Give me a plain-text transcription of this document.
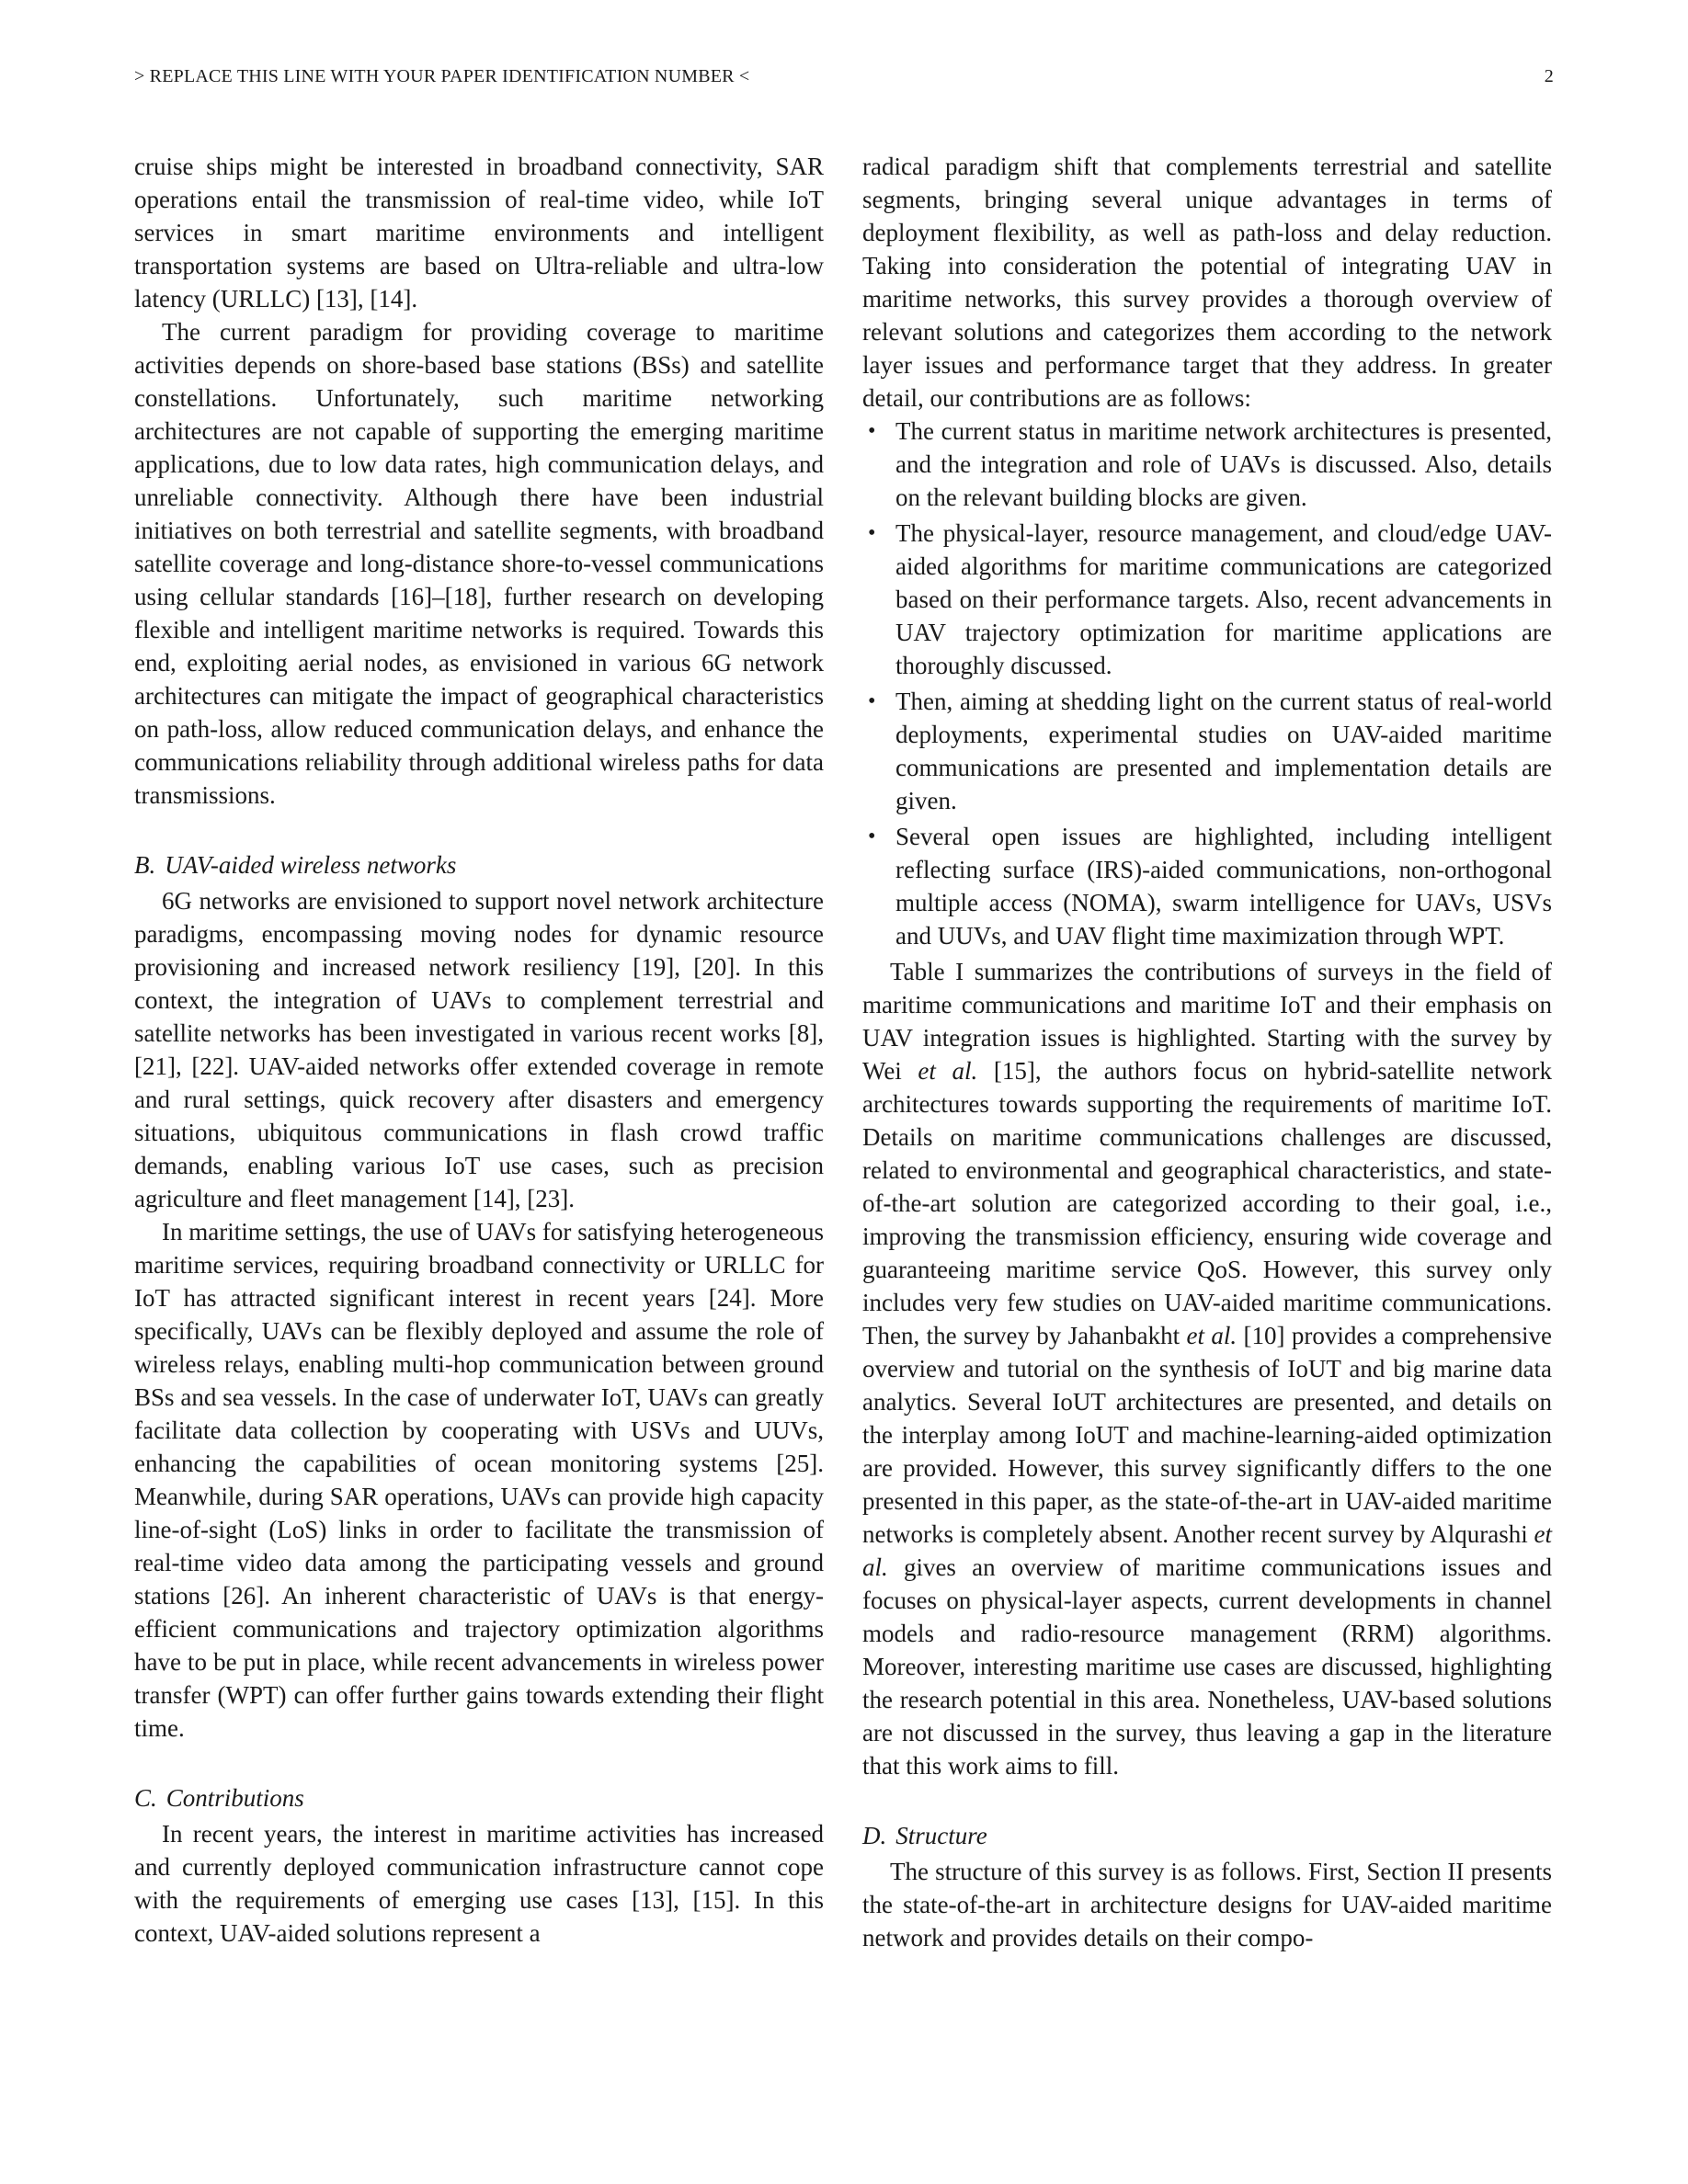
> REPLACE THIS LINE WITH YOUR PAPER IDENTIFICATION NUMBER <	2

cruise ships might be interested in broadband connectivity, SAR operations entail the transmission of real-time video, while IoT services in smart maritime environments and intelligent transportation systems are based on Ultra-reliable and ultra-low latency (URLLC) [13], [14].

The current paradigm for providing coverage to maritime activities depends on shore-based base stations (BSs) and satellite constellations. Unfortunately, such maritime networking architectures are not capable of supporting the emerging maritime applications, due to low data rates, high communication delays, and unreliable connectivity. Although there have been industrial initiatives on both terrestrial and satellite segments, with broadband satellite coverage and long-distance shore-to-vessel communications using cellular standards [16]–[18], further research on developing flexible and intelligent maritime networks is required. Towards this end, exploiting aerial nodes, as envisioned in various 6G network architectures can mitigate the impact of geographical characteristics on path-loss, allow reduced communication delays, and enhance the communications reliability through additional wireless paths for data transmissions.

B. UAV-aided wireless networks

6G networks are envisioned to support novel network architecture paradigms, encompassing moving nodes for dynamic resource provisioning and increased network resiliency [19], [20]. In this context, the integration of UAVs to complement terrestrial and satellite networks has been investigated in various recent works [8], [21], [22]. UAV-aided networks offer extended coverage in remote and rural settings, quick recovery after disasters and emergency situations, ubiquitous communications in flash crowd traffic demands, enabling various IoT use cases, such as precision agriculture and fleet management [14], [23].

In maritime settings, the use of UAVs for satisfying heterogeneous maritime services, requiring broadband connectivity or URLLC for IoT has attracted significant interest in recent years [24]. More specifically, UAVs can be flexibly deployed and assume the role of wireless relays, enabling multi-hop communication between ground BSs and sea vessels. In the case of underwater IoT, UAVs can greatly facilitate data collection by cooperating with USVs and UUVs, enhancing the capabilities of ocean monitoring systems [25]. Meanwhile, during SAR operations, UAVs can provide high capacity line-of-sight (LoS) links in order to facilitate the transmission of real-time video data among the participating vessels and ground stations [26]. An inherent characteristic of UAVs is that energy-efficient communications and trajectory optimization algorithms have to be put in place, while recent advancements in wireless power transfer (WPT) can offer further gains towards extending their flight time.

C. Contributions

In recent years, the interest in maritime activities has increased and currently deployed communication infrastructure cannot cope with the requirements of emerging use cases [13], [15]. In this context, UAV-aided solutions represent a

radical paradigm shift that complements terrestrial and satellite segments, bringing several unique advantages in terms of deployment flexibility, as well as path-loss and delay reduction. Taking into consideration the potential of integrating UAV in maritime networks, this survey provides a thorough overview of relevant solutions and categorizes them according to the network layer issues and performance target that they address. In greater detail, our contributions are as follows:

• The current status in maritime network architectures is presented, and the integration and role of UAVs is discussed. Also, details on the relevant building blocks are given.
• The physical-layer, resource management, and cloud/edge UAV-aided algorithms for maritime communications are categorized based on their performance targets. Also, recent advancements in UAV trajectory optimization for maritime applications are thoroughly discussed.
• Then, aiming at shedding light on the current status of real-world deployments, experimental studies on UAV-aided maritime communications are presented and implementation details are given.
• Several open issues are highlighted, including intelligent reflecting surface (IRS)-aided communications, non-orthogonal multiple access (NOMA), swarm intelligence for UAVs, USVs and UUVs, and UAV flight time maximization through WPT.

Table I summarizes the contributions of surveys in the field of maritime communications and maritime IoT and their emphasis on UAV integration issues is highlighted. Starting with the survey by Wei et al. [15], the authors focus on hybrid-satellite network architectures towards supporting the requirements of maritime IoT. Details on maritime communications challenges are discussed, related to environmental and geographical characteristics, and state-of-the-art solution are categorized according to their goal, i.e., improving the transmission efficiency, ensuring wide coverage and guaranteeing maritime service QoS. However, this survey only includes very few studies on UAV-aided maritime communications. Then, the survey by Jahanbakht et al. [10] provides a comprehensive overview and tutorial on the synthesis of IoUT and big marine data analytics. Several IoUT architectures are presented, and details on the interplay among IoUT and machine-learning-aided optimization are provided. However, this survey significantly differs to the one presented in this paper, as the state-of-the-art in UAV-aided maritime networks is completely absent. Another recent survey by Alqurashi et al. gives an overview of maritime communications issues and focuses on physical-layer aspects, current developments in channel models and radio-resource management (RRM) algorithms. Moreover, interesting maritime use cases are discussed, highlighting the research potential in this area. Nonetheless, UAV-based solutions are not discussed in the survey, thus leaving a gap in the literature that this work aims to fill.

D. Structure

The structure of this survey is as follows. First, Section II presents the state-of-the-art in architecture designs for UAV-aided maritime network and provides details on their compo-
